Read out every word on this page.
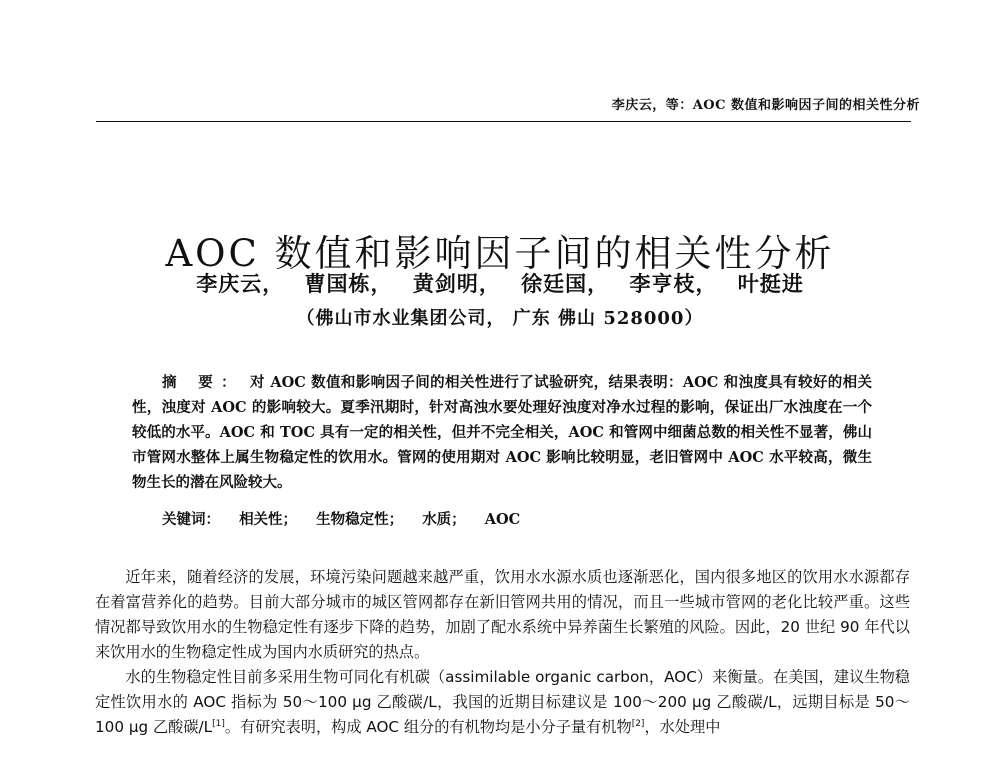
李庆云，等：AOC 数值和影响因子间的相关性分析
AOC 数值和影响因子间的相关性分析
李庆云， 曹国栋， 黄剑明， 徐廷国， 李亨枝， 叶挺进
（佛山市水业集团公司， 广东 佛山 528000）
摘 要： 对 AOC 数值和影响因子间的相关性进行了试验研究，结果表明：AOC 和浊度具有较好的相关性，浊度对 AOC 的影响较大。夏季汛期时，针对高浊水要处理好浊度对净水过程的影响，保证出厂水浊度在一个较低的水平。AOC 和 TOC 具有一定的相关性，但并不完全相关，AOC 和管网中细菌总数的相关性不显著，佛山市管网水整体上属生物稳定性的饮用水。管网的使用期对 AOC 影响比较明显，老旧管网中 AOC 水平较高，微生物生长的潜在风险较大。
关键词： 相关性； 生物稳定性； 水质； AOC

近年来，随着经济的发展，环境污染问题越来越严重，饮用水水源水质也逐渐恶化，国内很多地区的饮用水水源都存在着富营养化的趋势。目前大部分城市的城区管网都存在新旧管网共用的情况，而且一些城市管网的老化比较严重。这些情况都导致饮用水的生物稳定性有逐步下降的趋势，加剧了配水系统中异养菌生长繁殖的风险。因此，20 世纪 90 年代以来饮用水的生物稳定性成为国内水质研究的热点。

水的生物稳定性目前多采用生物可同化有机碳（assimilable organic carbon，AOC）来衡量。在美国，建议生物稳定性饮用水的 AOC 指标为 50～100 μg 乙酸碳/L，我国的近期目标建议是 100～200 μg 乙酸碳/L，远期目标是 50～100 μg 乙酸碳/L[1]。有研究表明，构成 AOC 组分的有机物均是小分子量有机物[2]，水处理中
